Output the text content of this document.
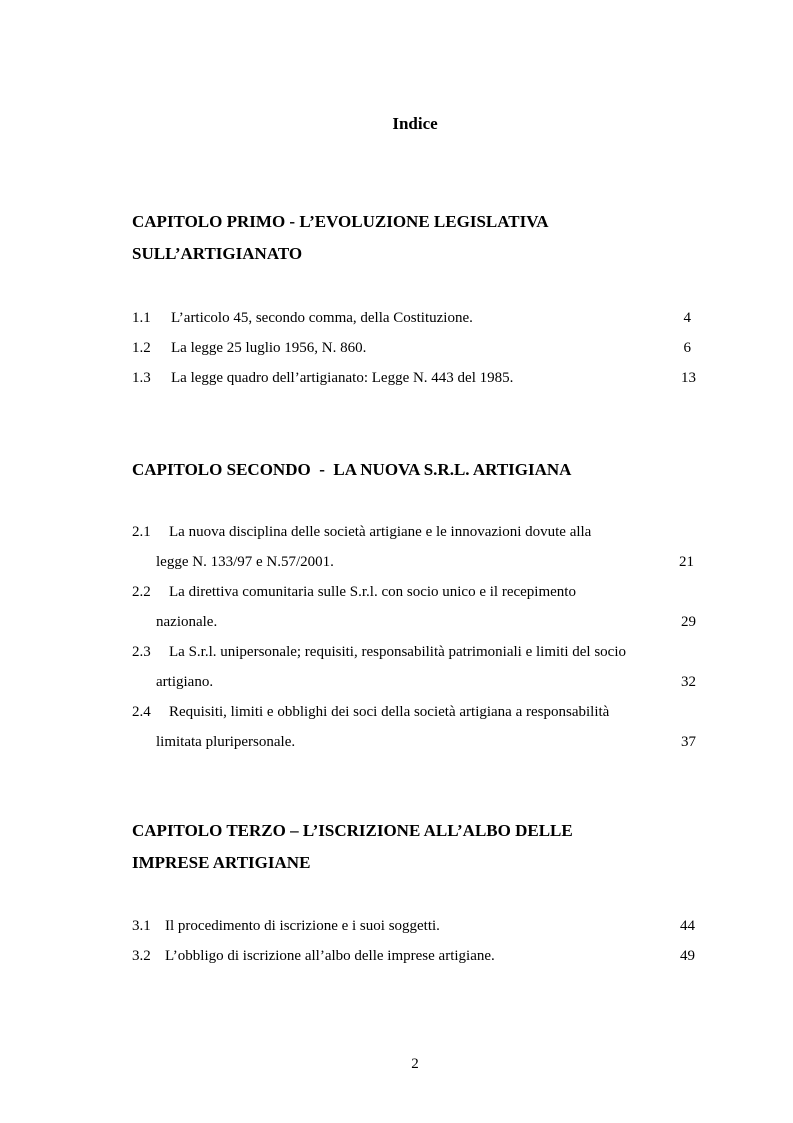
Indice
CAPITOLO PRIMO - L’EVOLUZIONE LEGISLATIVA
SULL’ARTIGIANATO
1.1 L’articolo 45, secondo comma, della Costituzione.	4
1.2 La legge 25 luglio 1956, N. 860.	6
1.3 La legge quadro dell’artigianato: Legge N. 443 del 1985.	13
CAPITOLO SECONDO  -  LA NUOVA S.R.L. ARTIGIANA
2.1 La nuova disciplina delle società artigiane e le innovazioni dovute alla
legge N. 133/97 e N.57/2001.	21
2.2 La direttiva comunitaria sulle S.r.l. con socio unico e il recepimento
nazionale.	29
2.3 La S.r.l. unipersonale; requisiti, responsabilità patrimoniali e limiti del socio
artigiano.	32
2.4 Requisiti, limiti e obblighi dei soci della società artigiana a responsabilità
limitata pluripersonale.	37
CAPITOLO TERZO – L’ISCRIZIONE ALL’ALBO DELLE
IMPRESE ARTIGIANE
3.1 Il procedimento di iscrizione e i suoi soggetti.	44
3.2 L’obbligo di iscrizione all’albo delle imprese artigiane.	49
2
